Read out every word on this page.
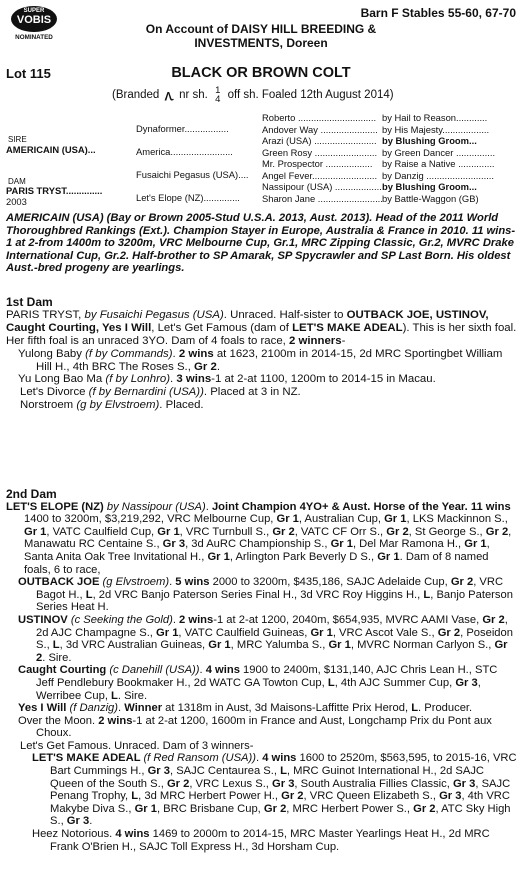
SUPER
VOBIS
NOMINATED
Barn F Stables 55-60, 67-70
On Account of DAISY HILL BREEDING &
INVESTMENTS, Doreen
Lot 115	BLACK OR BROWN COLT
(Branded Ѵ nr sh. 1
4 off sh. Foaled 12th August 2014)
SIRE
AMERICAIN (USA)...
DAM
PARIS TRYST..............
2003
Dynaformer.................
America........................
Fusaichi Pegasus (USA)....
Let's Elope (NZ)..............
Roberto .............................. by Hail to Reason............
Andover Way ...................... by His Majesty..................
Arazi (USA) ........................ by Blushing Groom...
Green Rosy ........................ by Green Dancer ...............
Mr. Prospector .................. by Raise a Native ..............
Angel Fever......................... by Danzig ..........................
Nassipour (USA) .................. by Blushing Groom...
Sharon Jane ......................... by Battle-Waggon (GB)
AMERICAIN (USA) (Bay or Brown 2005-Stud U.S.A. 2013, Aust. 2013). Head of the 2011 World Thoroughbred Rankings (Ext.). Champion Stayer in Europe, Australia & France in 2010. 11 wins-1 at 2-from 1400m to 3200m, VRC Melbourne Cup, Gr.1, MRC Zipping Classic, Gr.2, MVRC Drake International Cup, Gr.2. Half-brother to SP Amarak, SP Spycrawler and SP Last Born. His oldest Aust.-bred progeny are yearlings.
1st Dam
PARIS TRYST, by Fusaichi Pegasus (USA). Unraced. Half-sister to OUTBACK JOE, USTINOV, Caught Courting, Yes I Will, Let's Get Famous (dam of LET'S MAKE ADEAL). This is her sixth foal. Her fifth foal is an unraced 3YO. Dam of 4 foals to race, 2 winners-
Yulong Baby (f by Commands). 2 wins at 1623, 2100m in 2014-15, 2d MRC Sportingbet William Hill H., 4th BRC The Roses S., Gr 2.
Yu Long Bao Ma (f by Lonhro). 3 wins-1 at 2-at 1100, 1200m to 2014-15 in Macau.
Let's Divorce (f by Bernardini (USA)). Placed at 3 in NZ.
Norstroem (g by Elvstroem). Placed.
2nd Dam
LET'S ELOPE (NZ) by Nassipour (USA). Joint Champion 4YO+ & Aust. Horse of the Year. 11 wins 1400 to 3200m, $3,219,292, VRC Melbourne Cup, Gr 1, Australian Cup, Gr 1, LKS Mackinnon S., Gr 1, VATC Caulfield Cup, Gr 1, VRC Turnbull S., Gr 2, VATC CF Orr S., Gr 2, St George S., Gr 2, Manawatu RC Centaine S., Gr 3, 3d AuRC Championship S., Gr 1, Del Mar Ramona H., Gr 1, Santa Anita Oak Tree Invitational H., Gr 1, Arlington Park Beverly D S., Gr 1. Dam of 8 named foals, 6 to race,
OUTBACK JOE (g Elvstroem). 5 wins 2000 to 3200m, $435,186, SAJC Adelaide Cup, Gr 2, VRC Bagot H., L, 2d VRC Banjo Paterson Series Final H., 3d VRC Roy Higgins H., L, Banjo Paterson Series Heat H.
USTINOV (c Seeking the Gold). 2 wins-1 at 2-at 1200, 2040m, $654,935, MVRC AAMI Vase, Gr 2, 2d AJC Champagne S., Gr 1, VATC Caulfield Guineas, Gr 1, VRC Ascot Vale S., Gr 2, Poseidon S., L, 3d VRC Australian Guineas, Gr 1, MRC Yalumba S., Gr 1, MVRC Norman Carlyon S., Gr 2. Sire.
Caught Courting (c Danehill (USA)). 4 wins 1900 to 2400m, $131,140, AJC Chris Lean H., STC Jeff Pendlebury Bookmaker H., 2d WATC GA Towton Cup, L, 4th AJC Summer Cup, Gr 3, Werribee Cup, L. Sire.
Yes I Will (f Danzig). Winner at 1318m in Aust, 3d Maisons-Laffitte Prix Herod, L. Producer.
Over the Moon. 2 wins-1 at 2-at 1200, 1600m in France and Aust, Longchamp Prix du Pont aux Choux.
Let's Get Famous. Unraced. Dam of 3 winners-
LET'S MAKE ADEAL (f Red Ransom (USA)). 4 wins 1600 to 2520m, $563,595, to 2015-16, VRC Bart Cummings H., Gr 3, SAJC Centaurea S., L, MRC Guinot International H., 2d SAJC Queen of the South S., Gr 2, VRC Lexus S., Gr 3, South Australia Fillies Classic, Gr 3, SAJC Penang Trophy, L, 3d MRC Herbert Power H., Gr 2, VRC Queen Elizabeth S., Gr 3, 4th VRC Makybe Diva S., Gr 1, BRC Brisbane Cup, Gr 2, MRC Herbert Power S., Gr 2, ATC Sky High S., Gr 3.
Heez Notorious. 4 wins 1469 to 2000m to 2014-15, MRC Master Yearlings Heat H., 2d MRC Frank O'Brien H., SAJC Toll Express H., 3d Horsham Cup.
